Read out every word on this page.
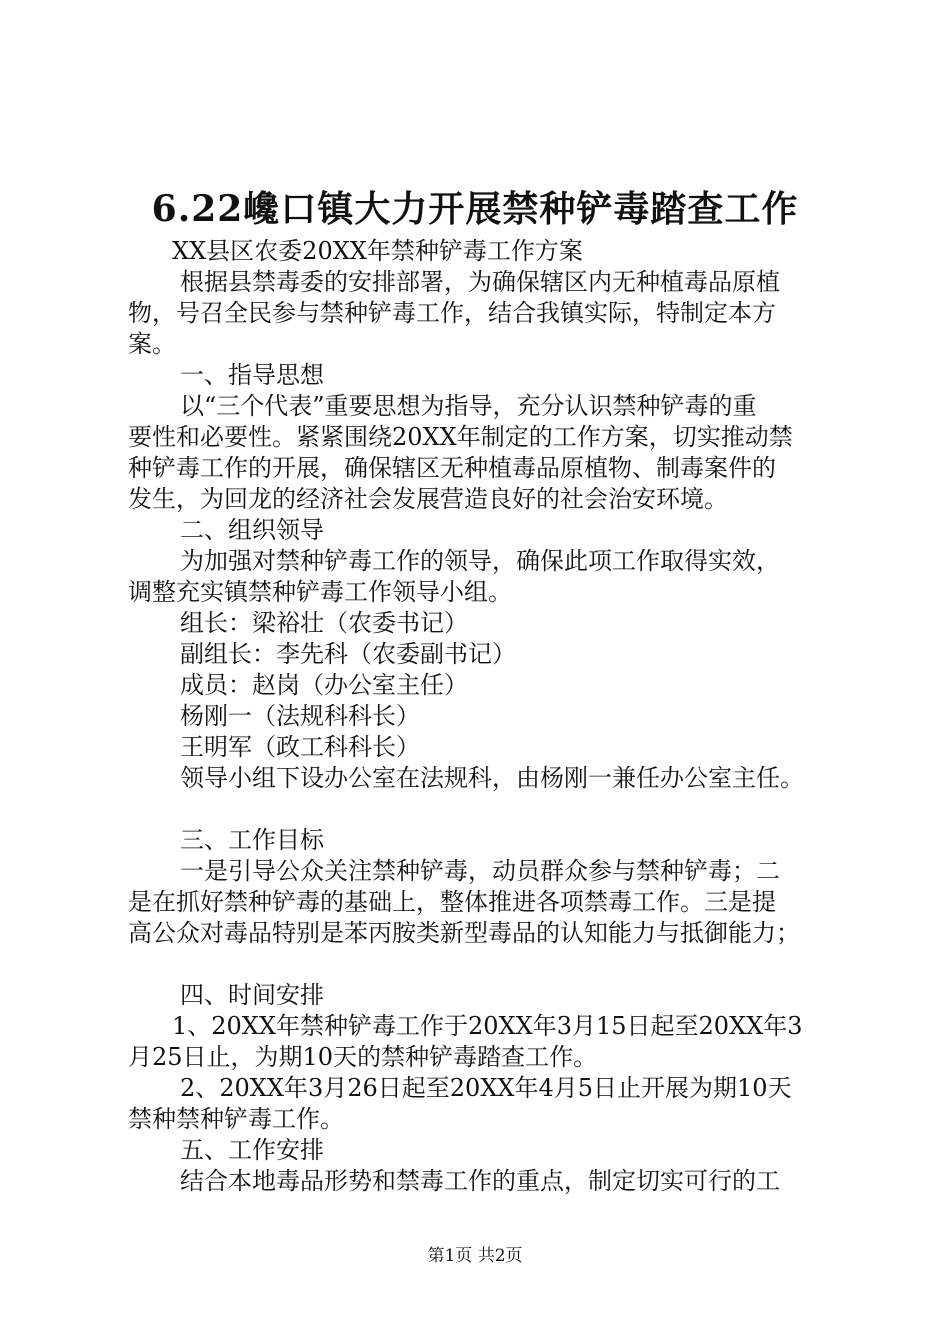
6.22巉口镇大力开展禁种铲毒踏查工作
XX县区农委20XX年禁种铲毒工作方案
根据县禁毒委的安排部署，为确保辖区内无种植毒品原植
物，号召全民参与禁种铲毒工作，结合我镇实际，特制定本方
案。
一、指导思想
以“三个代表”重要思想为指导，充分认识禁种铲毒的重
要性和必要性。紧紧围绕20XX年制定的工作方案，切实推动禁
种铲毒工作的开展，确保辖区无种植毒品原植物、制毒案件的
发生，为回龙的经济社会发展营造良好的社会治安环境。
二、组织领导
为加强对禁种铲毒工作的领导，确保此项工作取得实效，
调整充实镇禁种铲毒工作领导小组。
组长：梁裕壮（农委书记）
副组长：李先科（农委副书记）
成员：赵岗（办公室主任）
杨刚一（法规科科长）
王明军（政工科科长）
领导小组下设办公室在法规科，由杨刚一兼任办公室主任。
三、工作目标
一是引导公众关注禁种铲毒，动员群众参与禁种铲毒；二
是在抓好禁种铲毒的基础上，整体推进各项禁毒工作。三是提
高公众对毒品特别是苯丙胺类新型毒品的认知能力与抵御能力；
四、时间安排
1、20XX年禁种铲毒工作于20XX年3月15日起至20XX年3
月25日止，为期10天的禁种铲毒踏查工作。
2、20XX年3月26日起至20XX年4月5日止开展为期10天
禁种禁种铲毒工作。
五、工作安排
结合本地毒品形势和禁毒工作的重点，制定切实可行的工
第1页 共2页
